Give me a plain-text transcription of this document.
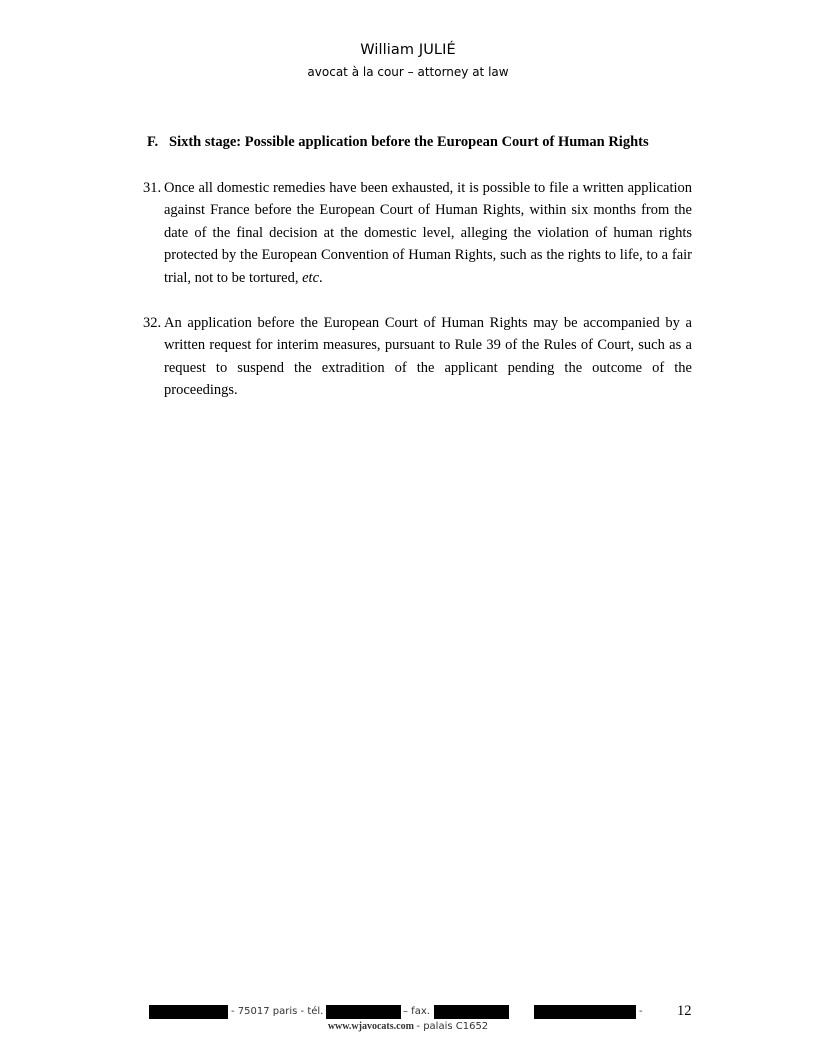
William JULIÉ
avocat à la cour – attorney at law
F. Sixth stage: Possible application before the European Court of Human Rights
31. Once all domestic remedies have been exhausted, it is possible to file a written application against France before the European Court of Human Rights, within six months from the date of the final decision at the domestic level, alleging the violation of human rights protected by the European Convention of Human Rights, such as the rights to life, to a fair trial, not to be tortured, etc.
32. An application before the European Court of Human Rights may be accompanied by a written request for interim measures, pursuant to Rule 39 of the Rules of Court, such as a request to suspend the extradition of the applicant pending the outcome of the proceedings.
- 75017 paris - tél.	– fax.	- 12
www.wjavocats.com - palais C1652
